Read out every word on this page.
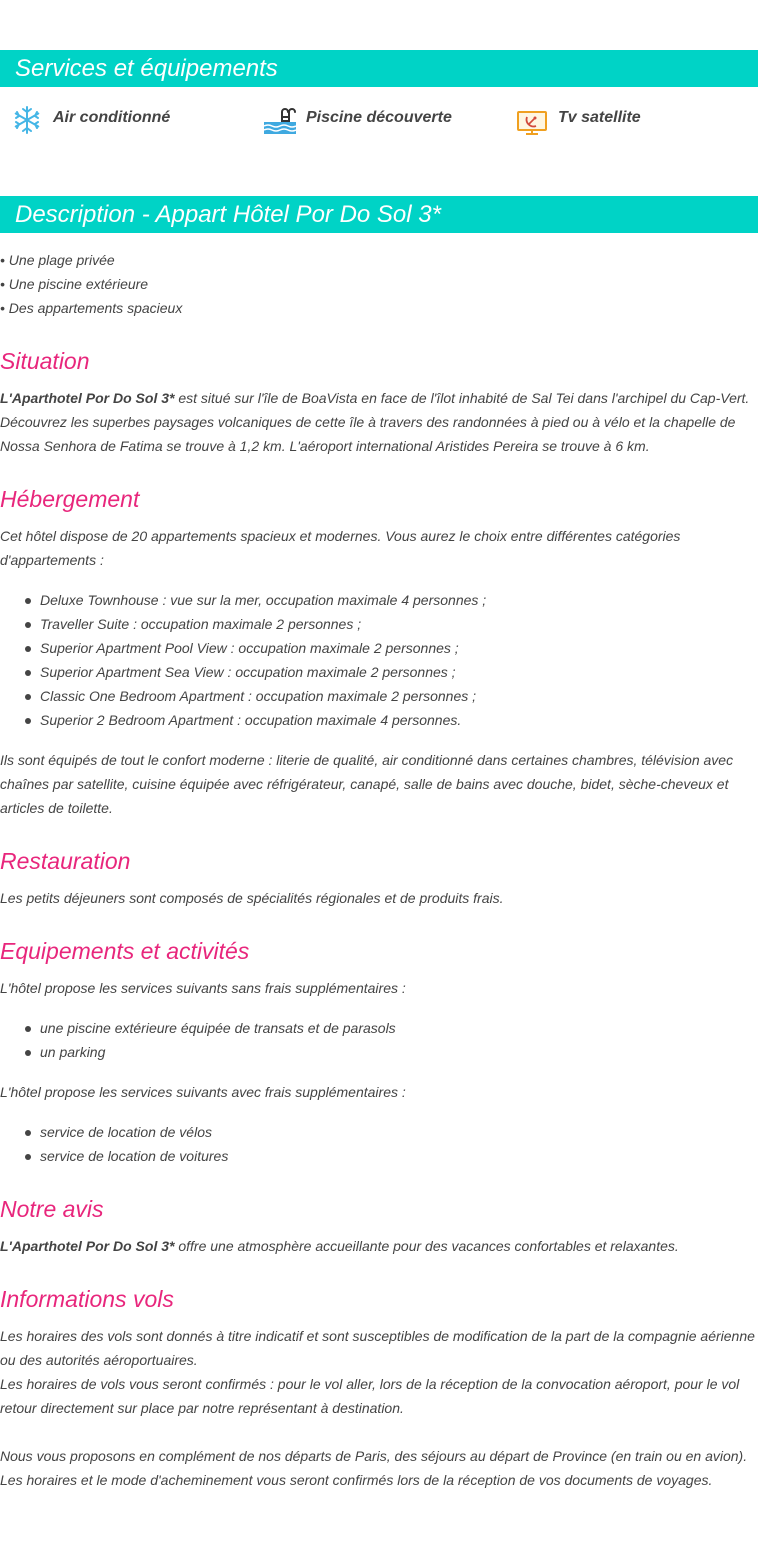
Services et équipements
Air conditionné	Piscine découverte	Tv satellite
Description - Appart Hôtel Por Do Sol 3*
• Une plage privée
• Une piscine extérieure
• Des appartements spacieux
Situation

L'Aparthotel Por Do Sol 3* est situé sur l'île de BoaVista en face de l'îlot inhabité de Sal Tei dans l'archipel du Cap-Vert. Découvrez les superbes paysages volcaniques de cette île à travers des randonnées à pied ou à vélo et la chapelle de Nossa Senhora de Fatima se trouve à 1,2 km. L'aéroport international Aristides Pereira se trouve à 6 km.

Hébergement

Cet hôtel dispose de 20 appartements spacieux et modernes. Vous aurez le choix entre différentes catégories d'appartements :

Deluxe Townhouse : vue sur la mer, occupation maximale 4 personnes ;
Traveller Suite : occupation maximale 2 personnes ;
Superior Apartment Pool View : occupation maximale 2 personnes ;
Superior Apartment Sea View : occupation maximale 2 personnes ;
Classic One Bedroom Apartment : occupation maximale 2 personnes ;
Superior 2 Bedroom Apartment : occupation maximale 4 personnes.

Ils sont équipés de tout le confort moderne : literie de qualité, air conditionné dans certaines chambres, télévision avec chaînes par satellite, cuisine équipée avec réfrigérateur, canapé, salle de bains avec douche, bidet, sèche-cheveux et articles de toilette.

Restauration

Les petits déjeuners sont composés de spécialités régionales et de produits frais.

Equipements et activités

L'hôtel propose les services suivants sans frais supplémentaires :

une piscine extérieure équipée de transats et de parasols
un parking

L'hôtel propose les services suivants avec frais supplémentaires :

service de location de vélos
service de location de voitures
Notre avis

L'Aparthotel Por Do Sol 3* offre une atmosphère accueillante pour des vacances confortables et relaxantes.

Informations vols

Les horaires des vols sont donnés à titre indicatif et sont susceptibles de modification de la part de la compagnie aérienne ou des autorités aéroportuaires.

Les horaires de vols vous seront confirmés : pour le vol aller, lors de la réception de la convocation aéroport, pour le vol retour directement sur place par notre représentant à destination.

Nous vous proposons en complément de nos départs de Paris, des séjours au départ de Province (en train ou en avion).

Les horaires et le mode d'acheminement vous seront confirmés lors de la réception de vos documents de voyages.
